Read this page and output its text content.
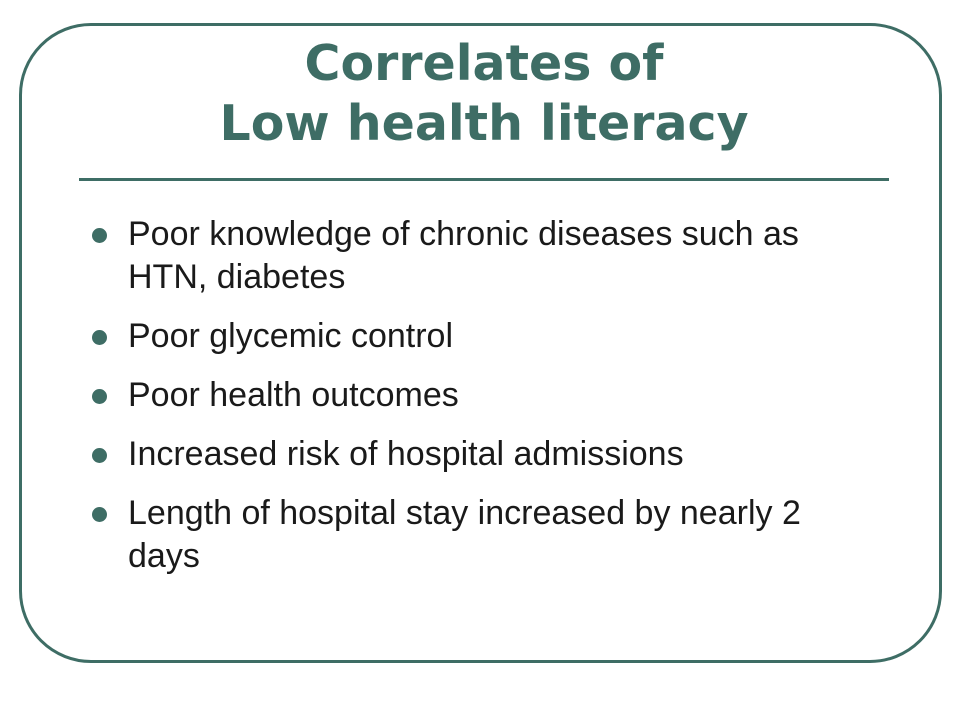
Correlates of
Low health literacy
Poor knowledge of chronic diseases such as HTN, diabetes
Poor glycemic control
Poor health outcomes
Increased risk of hospital admissions
Length of hospital stay increased by nearly 2 days
